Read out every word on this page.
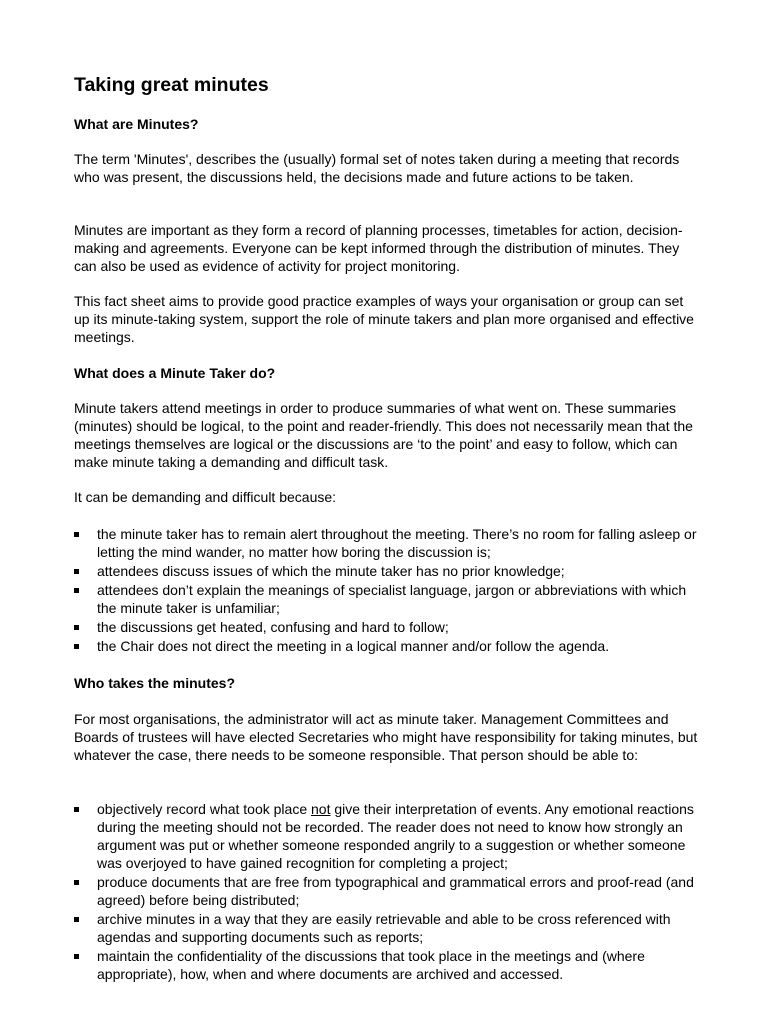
Taking great minutes
What are Minutes?

The term 'Minutes', describes the (usually) formal set of notes taken during a meeting that records who was present, the discussions held, the decisions made and future actions to be taken.

Minutes are important as they form a record of planning processes, timetables for action, decision-making and agreements. Everyone can be kept informed through the distribution of minutes. They can also be used as evidence of activity for project monitoring.

This fact sheet aims to provide good practice examples of ways your organisation or group can set up its minute-taking system, support the role of minute takers and plan more organised and effective meetings.

What does a Minute Taker do?

Minute takers attend meetings in order to produce summaries of what went on. These summaries (minutes) should be logical, to the point and reader-friendly. This does not necessarily mean that the meetings themselves are logical or the discussions are ‘to the point’ and easy to follow, which can make minute taking a demanding and difficult task.

It can be demanding and difficult because:

the minute taker has to remain alert throughout the meeting. There’s no room for falling asleep or letting the mind wander, no matter how boring the discussion is;
attendees discuss issues of which the minute taker has no prior knowledge;
attendees don’t explain the meanings of specialist language, jargon or abbreviations with which the minute taker is unfamiliar;
the discussions get heated, confusing and hard to follow;
the Chair does not direct the meeting in a logical manner and/or follow the agenda.
Who takes the minutes?

For most organisations, the administrator will act as minute taker. Management Committees and Boards of trustees will have elected Secretaries who might have responsibility for taking minutes, but whatever the case, there needs to be someone responsible. That person should be able to:

objectively record what took place not give their interpretation of events. Any emotional reactions during the meeting should not be recorded. The reader does not need to know how strongly an argument was put or whether someone responded angrily to a suggestion or whether someone was overjoyed to have gained recognition for completing a project;
produce documents that are free from typographical and grammatical errors and proof-read (and agreed) before being distributed;
archive minutes in a way that they are easily retrievable and able to be cross referenced with agendas and supporting documents such as reports;
maintain the confidentiality of the discussions that took place in the meetings and (where appropriate), how, when and where documents are archived and accessed.
